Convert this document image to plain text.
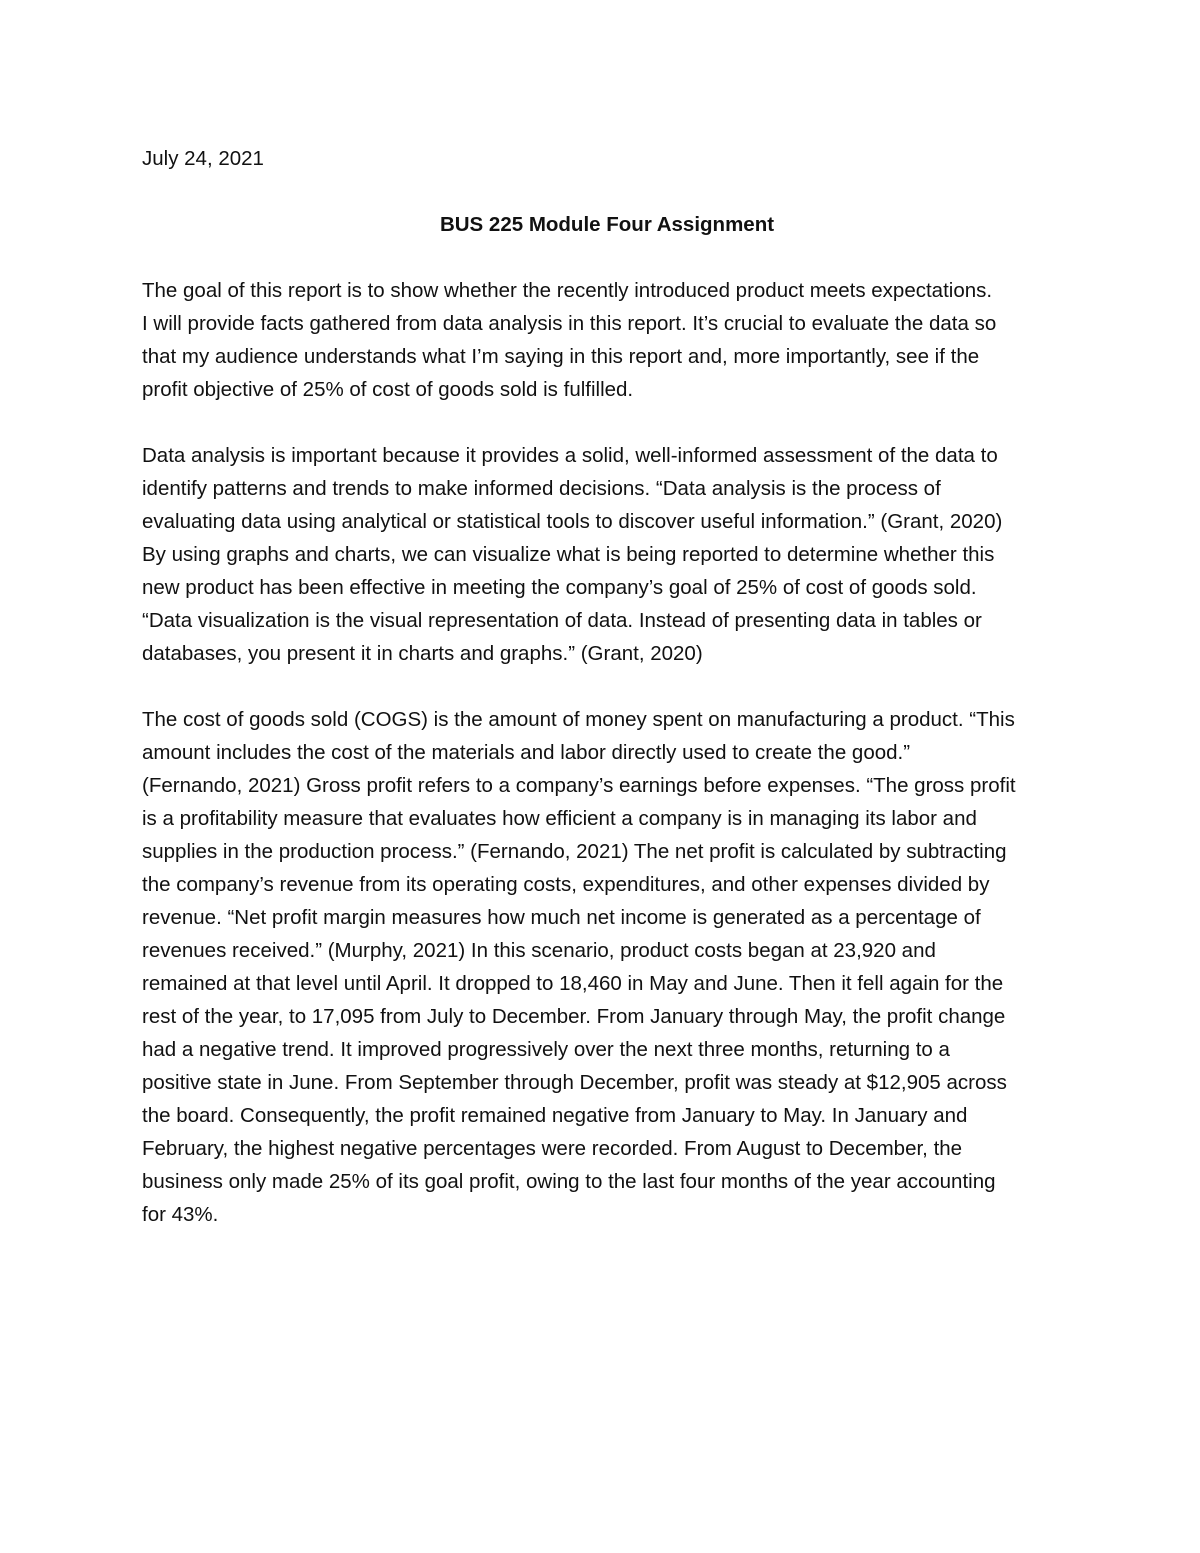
July 24, 2021

BUS 225 Module Four Assignment

The goal of this report is to show whether the recently introduced product meets expectations.
I will provide facts gathered from data analysis in this report. It’s crucial to evaluate the data so
that my audience understands what I’m saying in this report and, more importantly, see if the
profit objective of 25% of cost of goods sold is fulfilled.

Data analysis is important because it provides a solid, well-informed assessment of the data to
identify patterns and trends to make informed decisions. “Data analysis is the process of
evaluating data using analytical or statistical tools to discover useful information.” (Grant, 2020)
By using graphs and charts, we can visualize what is being reported to determine whether this
new product has been effective in meeting the company’s goal of 25% of cost of goods sold.
“Data visualization is the visual representation of data. Instead of presenting data in tables or
databases, you present it in charts and graphs.” (Grant, 2020)

The cost of goods sold (COGS) is the amount of money spent on manufacturing a product. “This
amount includes the cost of the materials and labor directly used to create the good.”
(Fernando, 2021) Gross profit refers to a company’s earnings before expenses. “The gross profit
is a profitability measure that evaluates how efficient a company is in managing its labor and
supplies in the production process.” (Fernando, 2021) The net profit is calculated by subtracting
the company’s revenue from its operating costs, expenditures, and other expenses divided by
revenue. “Net profit margin measures how much net income is generated as a percentage of
revenues received.” (Murphy, 2021) In this scenario, product costs began at 23,920 and
remained at that level until April. It dropped to 18,460 in May and June. Then it fell again for the
rest of the year, to 17,095 from July to December. From January through May, the profit change
had a negative trend. It improved progressively over the next three months, returning to a
positive state in June. From September through December, profit was steady at $12,905 across
the board. Consequently, the profit remained negative from January to May. In January and
February, the highest negative percentages were recorded. From August to December, the
business only made 25% of its goal profit, owing to the last four months of the year accounting
for 43%.
